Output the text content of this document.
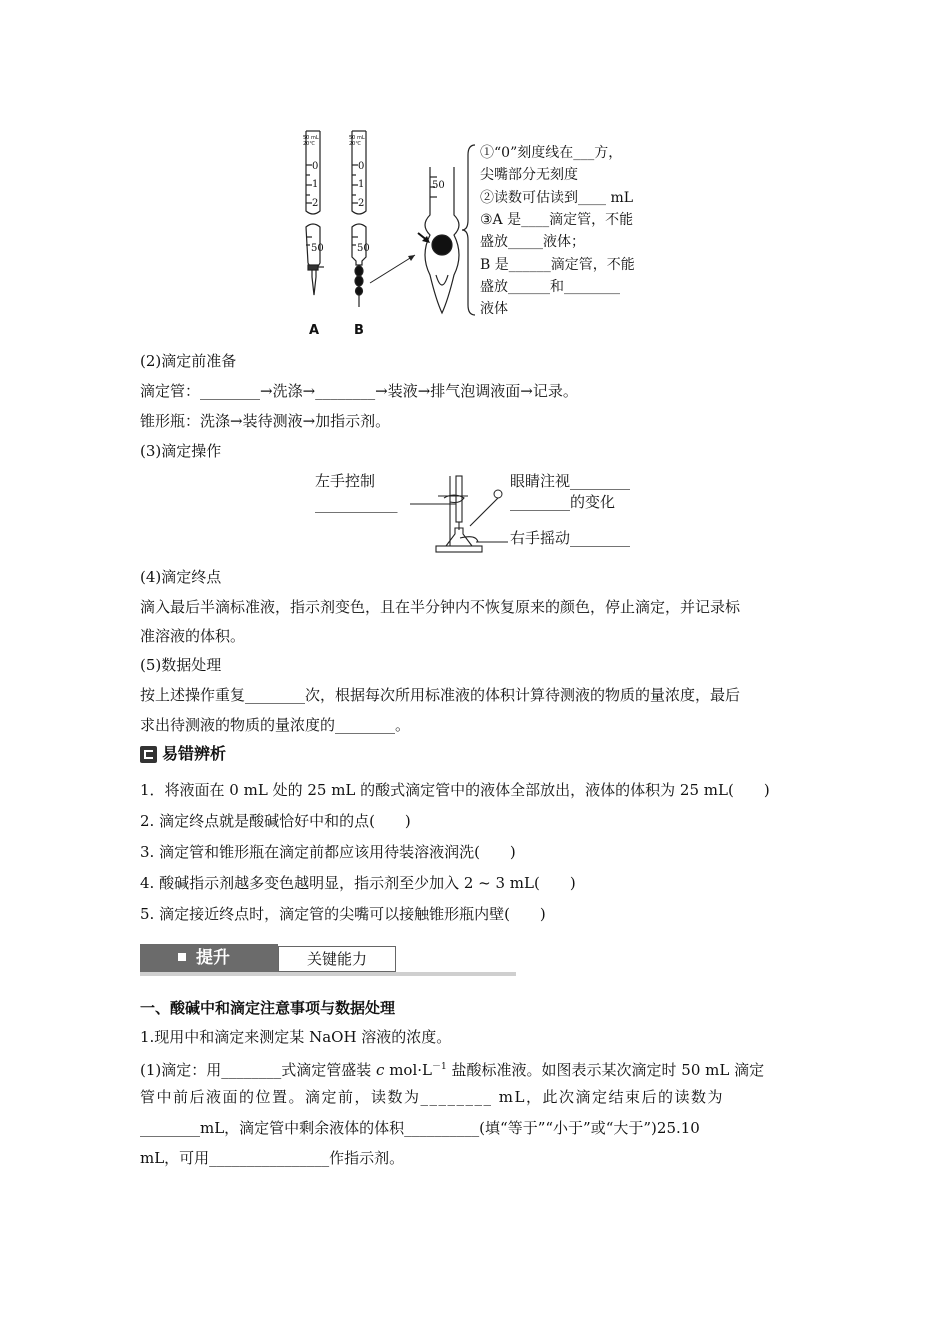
50 mL
20℃
50 mL
20℃
0
1
2
50
0
1
2
50
50
A	B
①“0”刻度线在___方，
尖嘴部分无刻度
②读数可估读到____ mL
③A 是____滴定管，不能
盛放_____液体；
B 是______滴定管，不能
盛放______和________
液体
(2)滴定前准备
滴定管：________→洗涤→________→装液→排气泡调液面→记录。
锥形瓶：洗涤→装待测液→加指示剂。
(3)滴定操作
左手控制
___________
眼睛注视________
________的变化
右手摇动________
(4)滴定终点
滴入最后半滴标准液，指示剂变色，且在半分钟内不恢复原来的颜色，停止滴定，并记录标
准溶液的体积。
(5)数据处理
按上述操作重复________次，根据每次所用标准液的体积计算待测液的物质的量浓度，最后
求出待测液的物质的量浓度的________。
易错辨析
1．将液面在 0 mL 处的 25 mL 的酸式滴定管中的液体全部放出，液体的体积为 25 mL(　　)
2. 滴定终点就是酸碱恰好中和的点(　　)
3. 滴定管和锥形瓶在滴定前都应该用待装溶液润洗(　　)
4. 酸碱指示剂越多变色越明显，指示剂至少加入 2 ~ 3 mL(　　)
5. 滴定接近终点时，滴定管的尖嘴可以接触锥形瓶内壁(　　)
提升	关键能力
一、酸碱中和滴定注意事项与数据处理
1.现用中和滴定来测定某 NaOH 溶液的浓度。
(1)滴定：用________式滴定管盛装 c $mol\cdot L^{-1}$ 盐酸标准液。如图表示某次滴定时 50 mL 滴定
管中前后液面的位置。滴定前，读数为________ mL，此次滴定结束后的读数为
________mL，滴定管中剩余液体的体积__________(填“等于”“小于”或“大于”)25.10
mL，可用________________作指示剂。
